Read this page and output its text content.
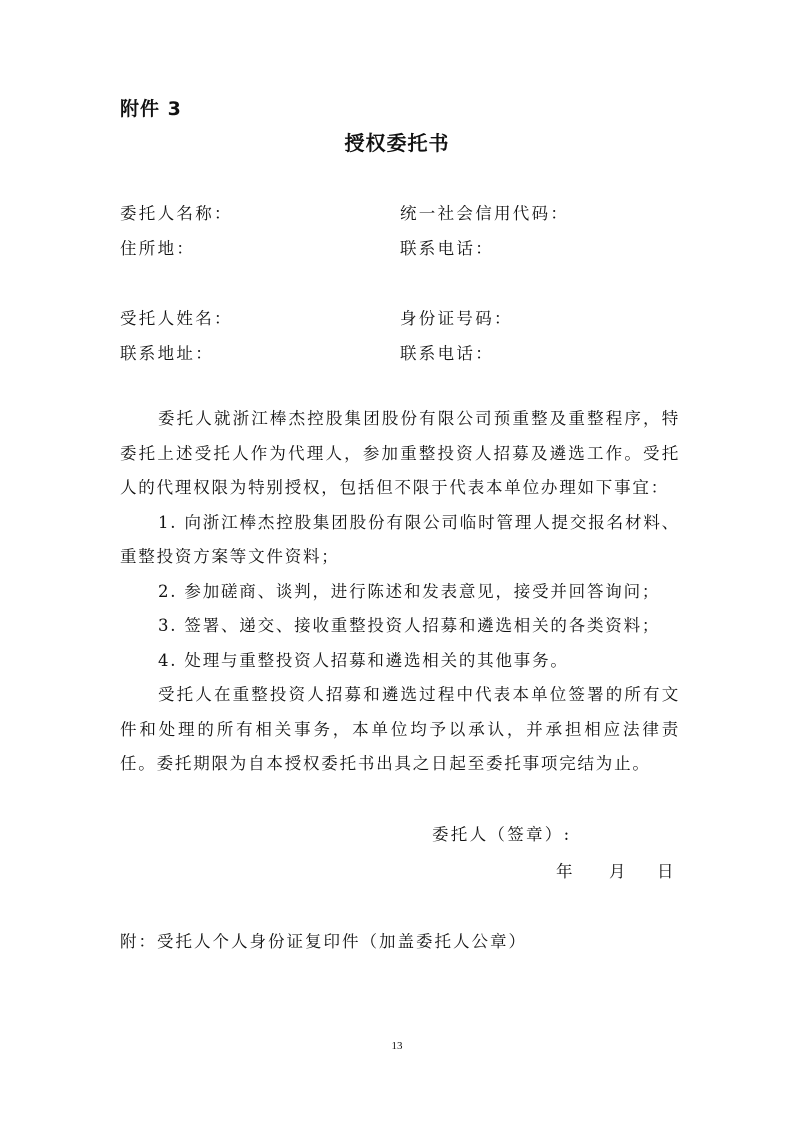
附件 3
授权委托书
委托人名称：	统一社会信用代码：
住所地：	联系电话：
受托人姓名：	身份证号码：
联系地址：	联系电话：

委托人就浙江棒杰控股集团股份有限公司预重整及重整程序，特委托上述受托人作为代理人，参加重整投资人招募及遴选工作。受托人的代理权限为特别授权，包括但不限于代表本单位办理如下事宜：

1. 向浙江棒杰控股集团股份有限公司临时管理人提交报名材料、重整投资方案等文件资料；

2. 参加磋商、谈判，进行陈述和发表意见，接受并回答询问；

3. 签署、递交、接收重整投资人招募和遴选相关的各类资料；

4. 处理与重整投资人招募和遴选相关的其他事务。

受托人在重整投资人招募和遴选过程中代表本单位签署的所有文件和处理的所有相关事务，本单位均予以承认，并承担相应法律责任。委托期限为自本授权委托书出具之日起至委托事项完结为止。

委托人（签章）:
年 月 日
附：受托人个人身份证复印件（加盖委托人公章）
13
